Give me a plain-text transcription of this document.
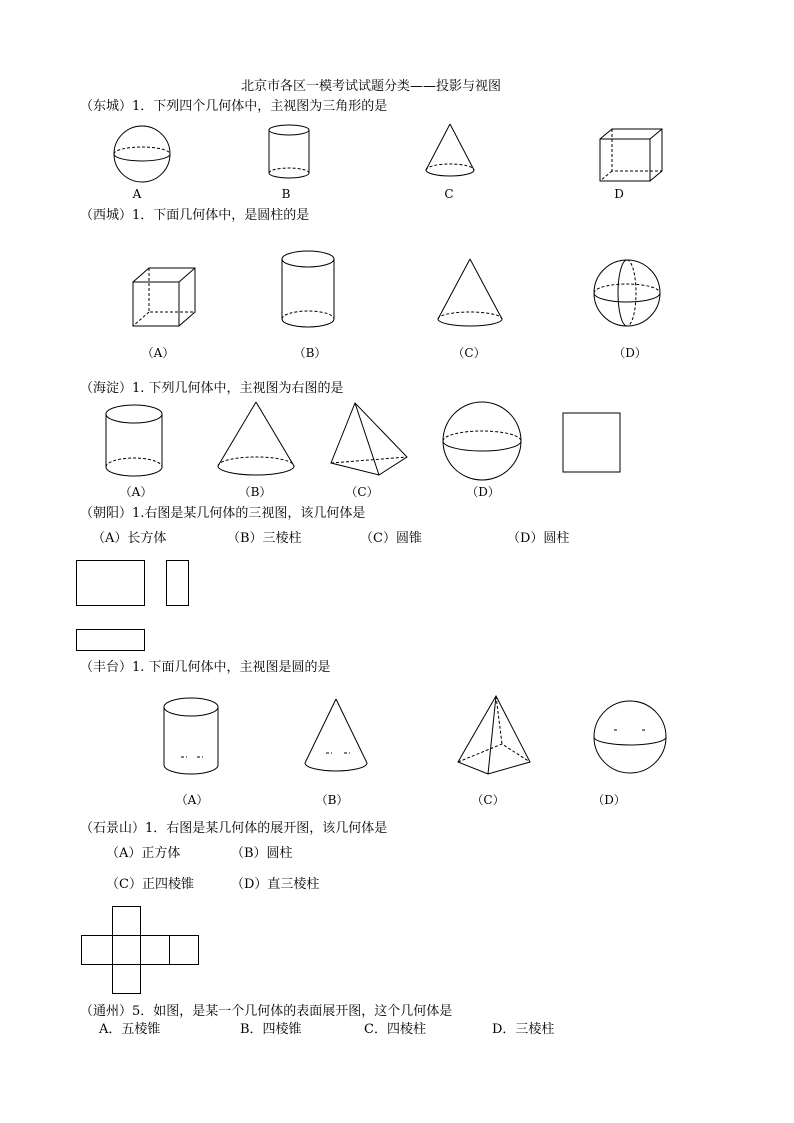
北京市各区一模考试试题分类——投影与视图
（东城）1．下列四个几何体中，主视图为三角形的是
A	B	C	D
（西城）1．下面几何体中，是圆柱的是
（A）	（B）	（C）	（D）
（海淀）1. 下列几何体中，主视图为右图的是
（A）	（B）	（C）	（D）
（朝阳）1.右图是某几何体的三视图，该几何体是
（A）长方体	（B）三棱柱	（C）圆锥	（D）圆柱
（丰台）1. 下面几何体中，主视图是圆的是
（A）	（B）	（C）	（D）
（石景山）1．右图是某几何体的展开图，该几何体是
（A）正方体	（B）圆柱
（C）正四棱锥	（D）直三棱柱
（通州）5．如图，是某一个几何体的表面展开图，这个几何体是
A．五棱锥	B．四棱锥	C．四棱柱	D．三棱柱
